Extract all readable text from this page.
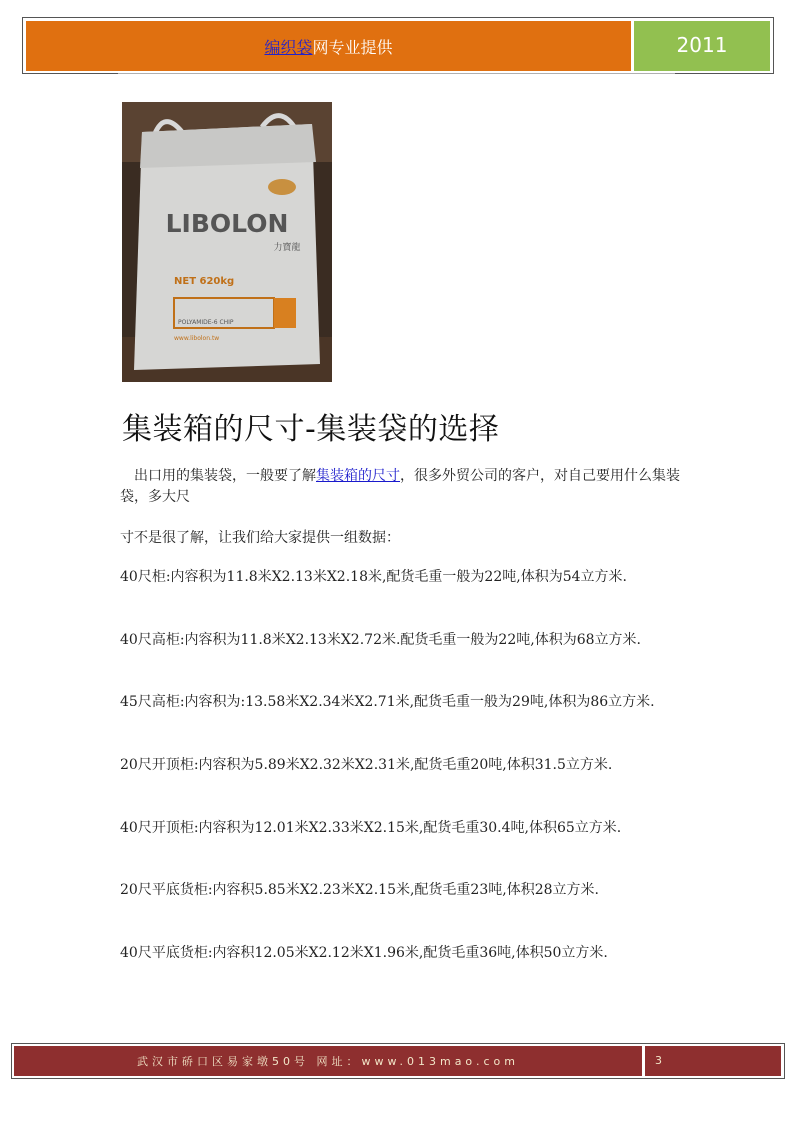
编织袋网专业提供	2011
LIBOLON
力寶龍
NET 620kg
POLYAMIDE-6 CHIP
www.libolon.tw
集装箱的尺寸-集装袋的选择

出口用的集装袋，一般要了解集装箱的尺寸，很多外贸公司的客户，对自己要用什么集装袋，多大尺

寸不是很了解，让我们给大家提供一组数据：

40尺柜:内容积为11.8米X2.13米X2.18米,配货毛重一般为22吨,体积为54立方米.

40尺高柜:内容积为11.8米X2.13米X2.72米.配货毛重一般为22吨,体积为68立方米.

45尺高柜:内容积为:13.58米X2.34米X2.71米,配货毛重一般为29吨,体积为86立方米.

20尺开顶柜:内容积为5.89米X2.32米X2.31米,配货毛重20吨,体积31.5立方米.

40尺开顶柜:内容积为12.01米X2.33米X2.15米,配货毛重30.4吨,体积65立方米.

20尺平底货柜:内容积5.85米X2.23米X2.15米,配货毛重23吨,体积28立方米.

40尺平底货柜:内容积12.05米X2.12米X1.96米,配货毛重36吨,体积50立方米.

武汉市硚口区易家墩50号 网址：www.013mao.com	3
